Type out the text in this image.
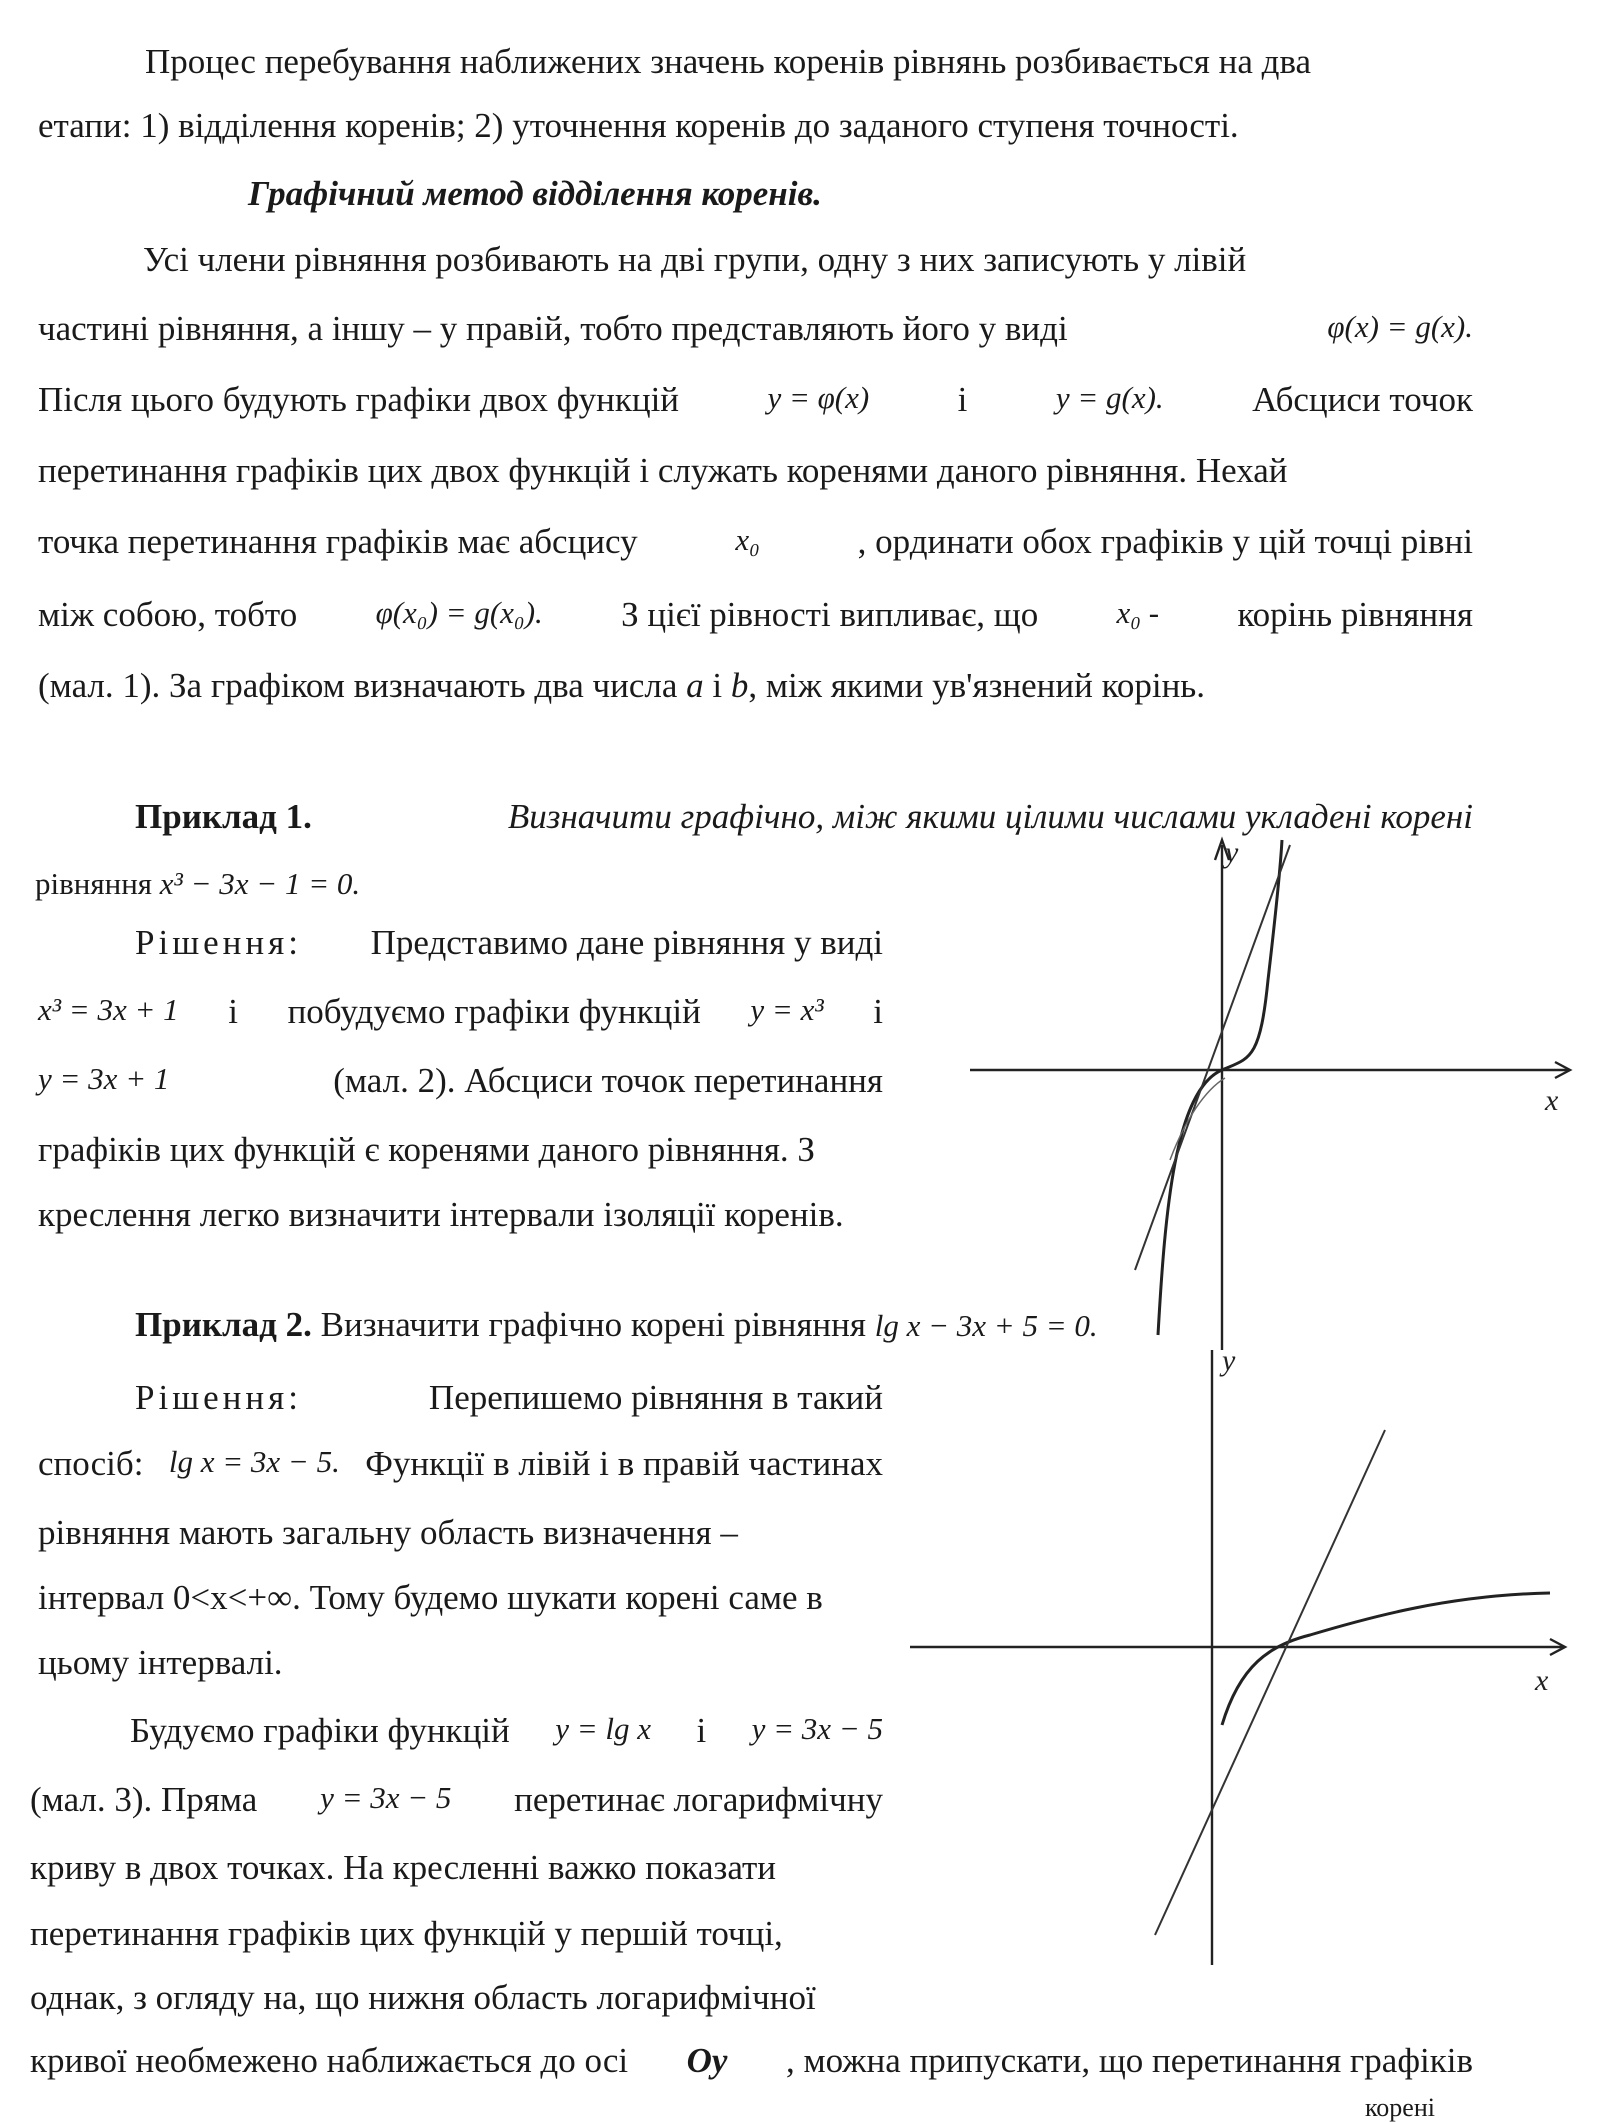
Процес перебування наближених значень коренів рівнянь розбивається на два
етапи: 1) відділення коренів; 2) уточнення коренів до заданого ступеня точності.
Графічний метод відділення коренів.
Усі члени рівняння розбивають на дві групи, одну з них записують у лівій
частині рівняння, а іншу – у правій, тобто представляють його у виді	φ(x) = g(x).
Після цього будують графіки двох функцій	y = φ(x)	і	y = g(x).	Абсциси точок
перетинання графіків цих двох функцій і служать коренями даного рівняння. Нехай
точка перетинання графіків має абсцису	x₀	, ординати обох графіків у цій точці рівні
між собою, тобто	φ(x₀) = g(x₀). З цієї рівності випливає, що	x₀ - корінь рівняння
(мал. 1). За графіком визначають два числа a і b, між якими ув'язнений корінь.
Приклад 1.	Визначити графічно, між якими цілими числами укладені корені
рівняння x³ − 3x − 1 = 0.
Рішення: Представимо дане рівняння у виді
x³ = 3x + 1 і побудуємо графіки функцій y = x³ і
y = 3x + 1	(мал. 2). Абсциси точок перетинання
графіків цих функцій є коренями даного рівняння. З
креслення легко визначити інтервали ізоляції коренів.
y
x
Приклад 2. Визначити графічно корені рівняння lg x − 3x + 5 = 0.
Рішення:	Перепишемо рівняння в такий
спосіб: lg x = 3x − 5. Функції в лівій і в правій частинах
рівняння мають загальну область визначення –
інтервал 0<x<+∞. Тому будемо шукати корені саме в
цьому інтервалі.
Будуємо графіки функцій y = lg x і y = 3x − 5
(мал. 3). Пряма y = 3x − 5 перетинає логарифмічну
криву в двох точках. На кресленні важко показати
перетинання графіків цих функцій у першій точці,
однак, з огляду на, що нижня область логарифмічної
кривої необмежено наближається до осі Oy , можна припускати, що перетинання графіків
корені
y
x
